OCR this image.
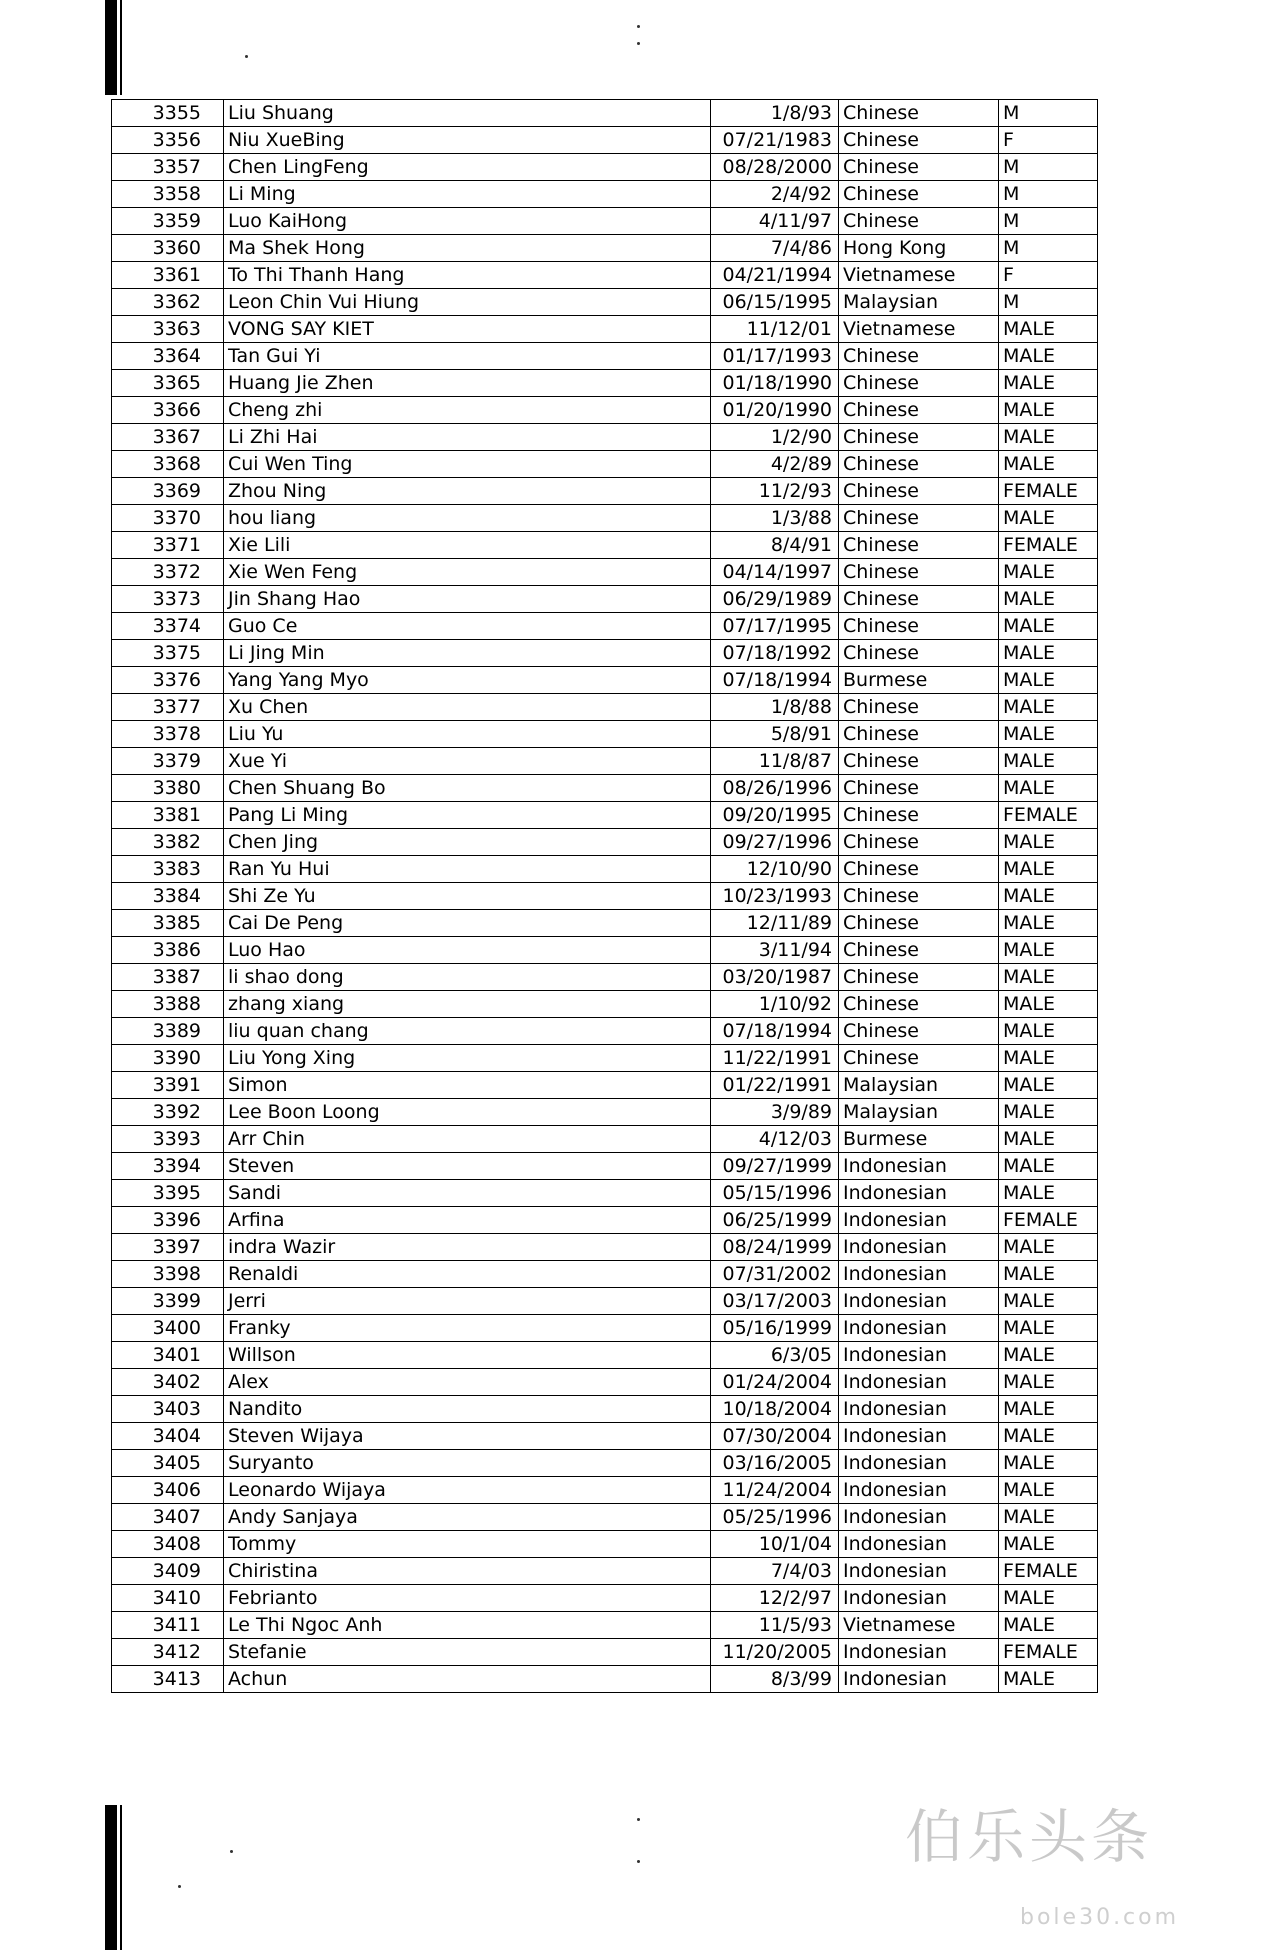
3355	Liu Shuang	1/8/93	Chinese	M
3356	Niu XueBing	07/21/1983	Chinese	F
3357	Chen LingFeng	08/28/2000	Chinese	M
3358	Li Ming	2/4/92	Chinese	M
3359	Luo KaiHong	4/11/97	Chinese	M
3360	Ma Shek Hong	7/4/86	Hong Kong	M
3361	To Thi Thanh Hang	04/21/1994	Vietnamese	F
3362	Leon Chin Vui Hiung	06/15/1995	Malaysian	M
3363	VONG SAY KIET	11/12/01	Vietnamese	MALE
3364	Tan Gui Yi	01/17/1993	Chinese	MALE
3365	Huang Jie Zhen	01/18/1990	Chinese	MALE
3366	Cheng zhi	01/20/1990	Chinese	MALE
3367	Li Zhi Hai	1/2/90	Chinese	MALE
3368	Cui Wen Ting	4/2/89	Chinese	MALE
3369	Zhou Ning	11/2/93	Chinese	FEMALE
3370	hou liang	1/3/88	Chinese	MALE
3371	Xie Lili	8/4/91	Chinese	FEMALE
3372	Xie Wen Feng	04/14/1997	Chinese	MALE
3373	Jin Shang Hao	06/29/1989	Chinese	MALE
3374	Guo Ce	07/17/1995	Chinese	MALE
3375	Li Jing Min	07/18/1992	Chinese	MALE
3376	Yang Yang Myo	07/18/1994	Burmese	MALE
3377	Xu Chen	1/8/88	Chinese	MALE
3378	Liu Yu	5/8/91	Chinese	MALE
3379	Xue Yi	11/8/87	Chinese	MALE
3380	Chen Shuang Bo	08/26/1996	Chinese	MALE
3381	Pang Li Ming	09/20/1995	Chinese	FEMALE
3382	Chen Jing	09/27/1996	Chinese	MALE
3383	Ran Yu Hui	12/10/90	Chinese	MALE
3384	Shi Ze Yu	10/23/1993	Chinese	MALE
3385	Cai De Peng	12/11/89	Chinese	MALE
3386	Luo Hao	3/11/94	Chinese	MALE
3387	li shao dong	03/20/1987	Chinese	MALE
3388	zhang xiang	1/10/92	Chinese	MALE
3389	liu quan chang	07/18/1994	Chinese	MALE
3390	Liu Yong Xing	11/22/1991	Chinese	MALE
3391	Simon	01/22/1991	Malaysian	MALE
3392	Lee Boon Loong	3/9/89	Malaysian	MALE
3393	Arr Chin	4/12/03	Burmese	MALE
3394	Steven	09/27/1999	Indonesian	MALE
3395	Sandi	05/15/1996	Indonesian	MALE
3396	Arfina	06/25/1999	Indonesian	FEMALE
3397	indra Wazir	08/24/1999	Indonesian	MALE
3398	Renaldi	07/31/2002	Indonesian	MALE
3399	Jerri	03/17/2003	Indonesian	MALE
3400	Franky	05/16/1999	Indonesian	MALE
3401	Willson	6/3/05	Indonesian	MALE
3402	Alex	01/24/2004	Indonesian	MALE
3403	Nandito	10/18/2004	Indonesian	MALE
3404	Steven Wijaya	07/30/2004	Indonesian	MALE
3405	Suryanto	03/16/2005	Indonesian	MALE
3406	Leonardo Wijaya	11/24/2004	Indonesian	MALE
3407	Andy Sanjaya	05/25/1996	Indonesian	MALE
3408	Tommy	10/1/04	Indonesian	MALE
3409	Chiristina	7/4/03	Indonesian	FEMALE
3410	Febrianto	12/2/97	Indonesian	MALE
3411	Le Thi Ngoc Anh	11/5/93	Vietnamese	MALE
3412	Stefanie	11/20/2005	Indonesian	FEMALE
3413	Achun	8/3/99	Indonesian	MALE
伯乐头条
bole30.com
